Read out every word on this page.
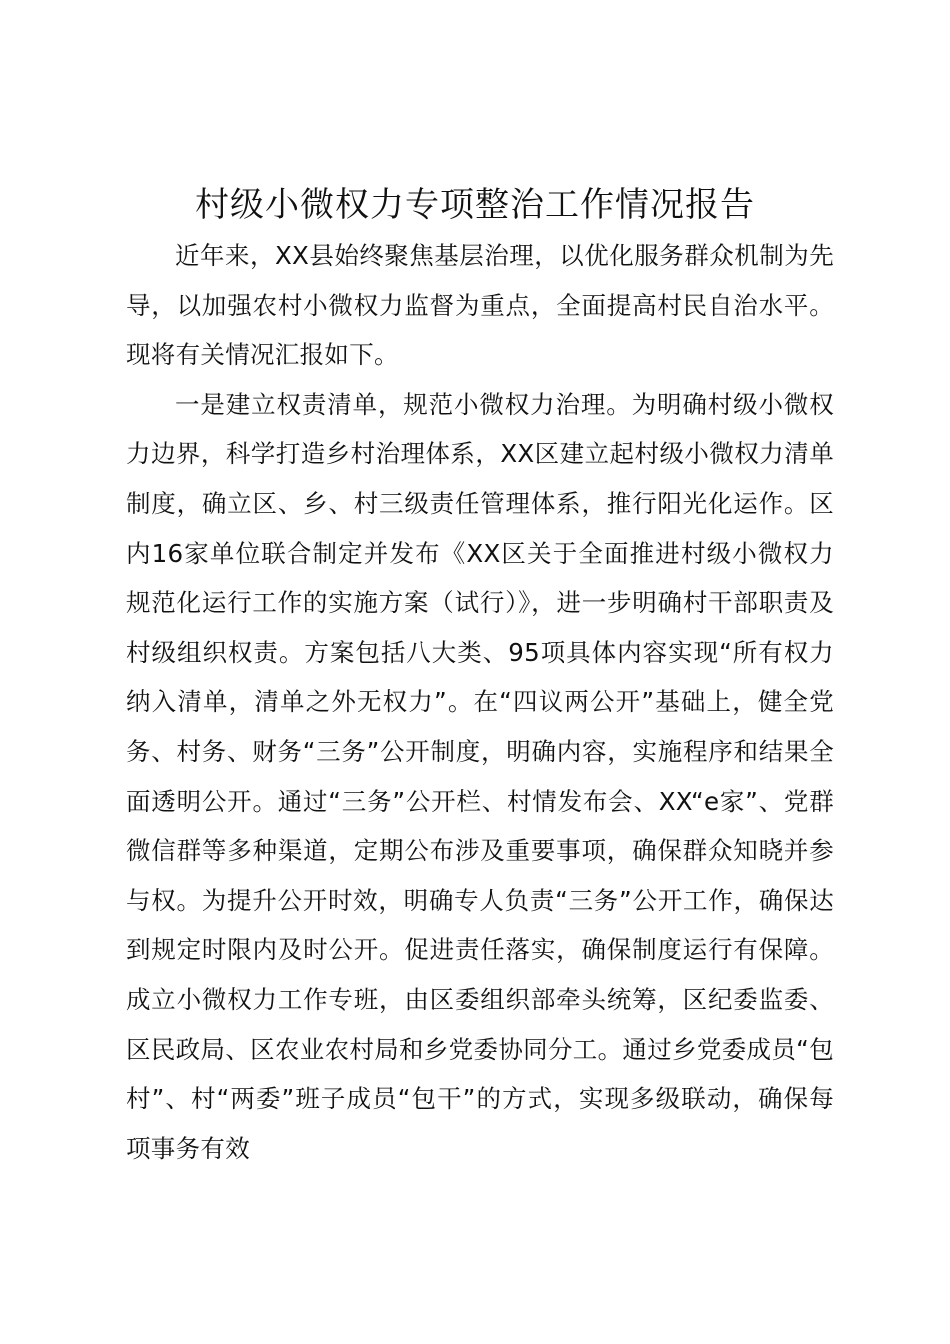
村级小微权力专项整治工作情况报告

近年来，XX县始终聚焦基层治理，以优化服务群众机制为先导，以加强农村小微权力监督为重点，全面提高村民自治水平。现将有关情况汇报如下。

一是建立权责清单，规范小微权力治理。为明确村级小微权力边界，科学打造乡村治理体系，XX区建立起村级小微权力清单制度，确立区、乡、村三级责任管理体系，推行阳光化运作。区内16家单位联合制定并发布《XX区关于全面推进村级小微权力规范化运行工作的实施方案（试行）》，进一步明确村干部职责及村级组织权责。方案包括八大类、95项具体内容实现“所有权力纳入清单，清单之外无权力”。在“四议两公开”基础上，健全党务、村务、财务“三务”公开制度，明确内容，实施程序和结果全面透明公开。通过“三务”公开栏、村情发布会、XX“e家”、党群微信群等多种渠道，定期公布涉及重要事项，确保群众知晓并参与权。为提升公开时效，明确专人负责“三务”公开工作，确保达到规定时限内及时公开。促进责任落实，确保制度运行有保障。成立小微权力工作专班，由区委组织部牵头统筹，区纪委监委、区民政局、区农业农村局和乡党委协同分工。通过乡党委成员“包村”、村“两委”班子成员“包干”的方式，实现多级联动，确保每项事务有效
